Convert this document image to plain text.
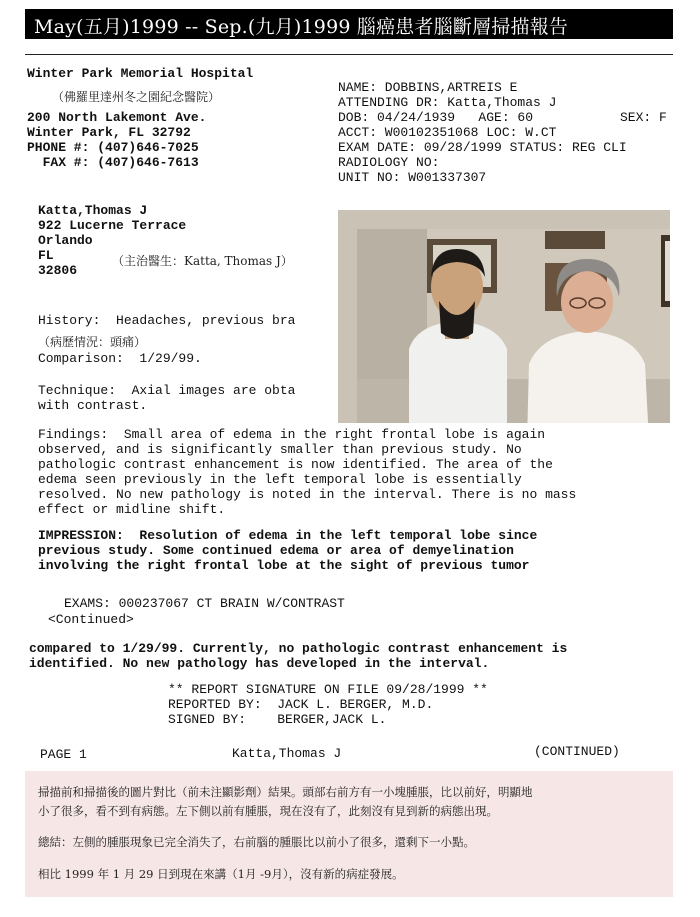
May(五月)1999 -- Sep.(九月)1999 腦癌患者腦斷層掃描報告
Winter Park Memorial Hospital
（佛羅里達州冬之園紀念醫院）
200 North Lakemont Ave.
Winter Park, FL 32792
PHONE #: (407)646-7025
FAX #: (407)646-7613
NAME: DOBBINS,ARTREIS E
ATTENDING DR: Katta,Thomas J
DOB: 04/24/1939   AGE: 60	SEX: F
ACCT: W00102351068 LOC: W.CT
EXAM DATE: 09/28/1999 STATUS: REG CLI
RADIOLOGY NO:
UNIT NO: W001337307
Katta,Thomas J
922 Lucerne Terrace
Orlando
FL	（主治醫生：Katta, Thomas J）
32806

History:  Headaches, previous bra
（病歷情況：頭痛）
Comparison:  1/29/99.
Technique:  Axial images are obta
with contrast.
Findings:  Small area of edema in the right frontal lobe is again
observed, and is significantly smaller than previous study. No
pathologic contrast enhancement is now identified. The area of the
edema seen previously in the left temporal lobe is essentially
resolved. No new pathology is noted in the interval. There is no mass
effect or midline shift.
IMPRESSION:  Resolution of edema in the left temporal lobe since
previous study. Some continued edema or area of demyelination
involving the right frontal lobe at the sight of previous tumor
EXAMS: 000237067 CT BRAIN W/CONTRAST
<Continued>
compared to 1/29/99. Currently, no pathologic contrast enhancement is
identified. No new pathology has developed in the interval.
** REPORT SIGNATURE ON FILE 09/28/1999 **
REPORTED BY:  JACK L. BERGER, M.D.
SIGNED BY:    BERGER,JACK L.
PAGE 1	Katta,Thomas J	(CONTINUED)
掃描前和掃描後的圖片對比（前未注顯影劑）結果。頭部右前方有一小塊腫脹，比以前好，明顯地
小了很多，看不到有病態。左下側以前有腫脹，現在沒有了，此刻沒有見到新的病態出現。
總結：左側的腫脹現象已完全消失了，右前腦的腫脹比以前小了很多，還剩下一小點。
相比 1999 年 1 月 29 日到現在來講（1月 -9月），沒有新的病症發展。
